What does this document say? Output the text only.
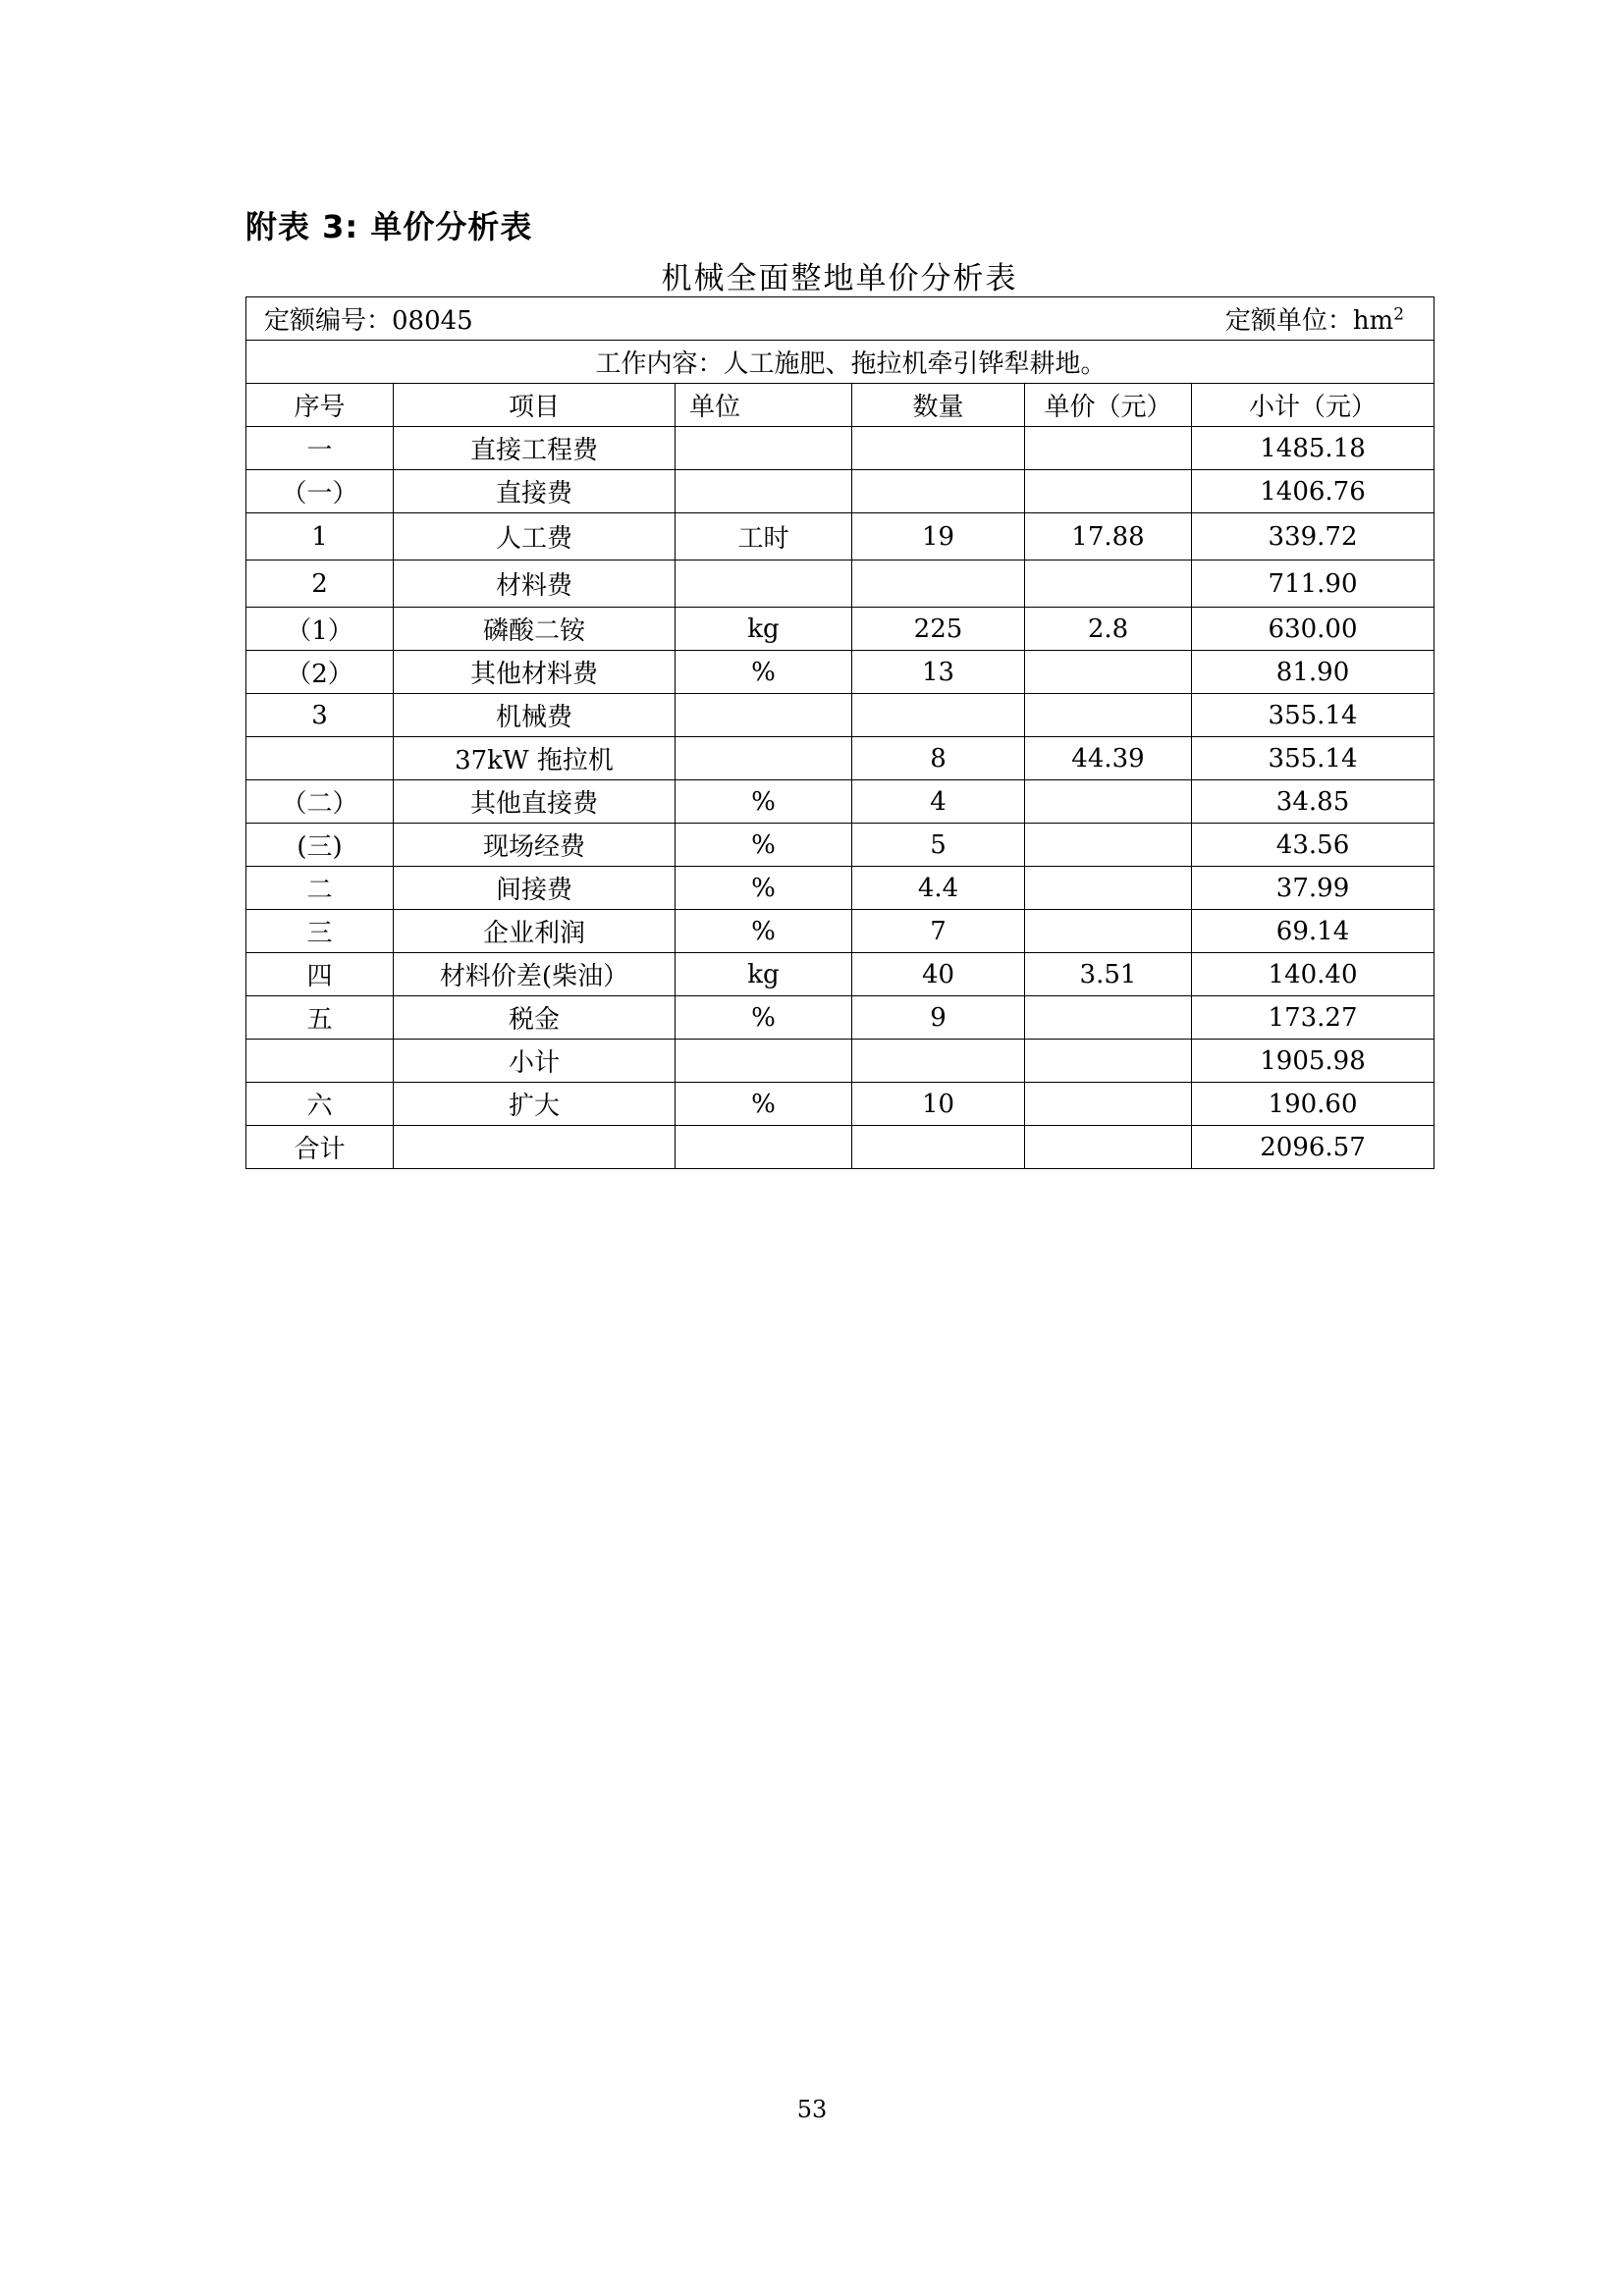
附表 3: 单价分析表
机械全面整地单价分析表
定额编号：08045 定额单位：$hm^2$

工作内容：人工施肥、拖拉机牵引铧犁耕地。					
序号	项目	单位	数量	单价（元）	小计（元）
一	直接工程费				1485.18
（一）	直接费				1406.76
1	人工费	工时	19	17.88	339.72
2	材料费				711.90
（1）	磷酸二铵	kg	225	2.8	630.00
（2）	其他材料费	%	13		81.90
3	机械费				355.14
	37kW 拖拉机		8	44.39	355.14
（二）	其他直接费	%	4		34.85
(三)	现场经费	%	5		43.56
二	间接费	%	4.4		37.99
三	企业利润	%	7		69.14
四	材料价差(柴油）	kg	40	3.51	140.40
五	税金	%	9		173.27
	小计				1905.98
六	扩大	%	10		190.60
合计					2096.57
53
